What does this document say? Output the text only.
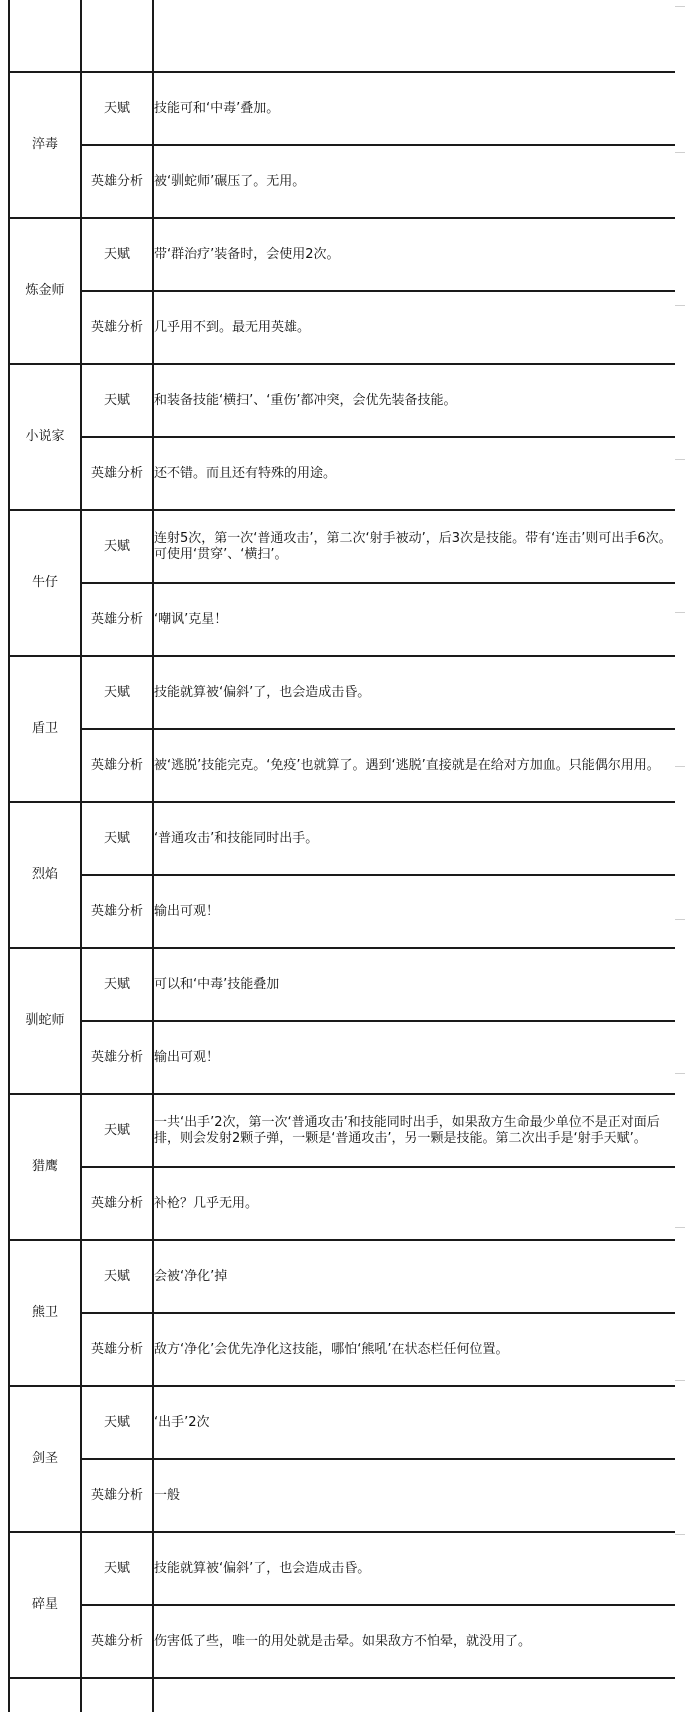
淬毒	天赋	技能可和‘中毒’叠加。
	英雄分析	被‘驯蛇师’碾压了。无用。
炼金师	天赋	带‘群治疗’装备时，会使用2次。
	英雄分析	几乎用不到。最无用英雄。
小说家	天赋	和装备技能‘横扫’、‘重伤’都冲突，会优先装备技能。
	英雄分析	还不错。而且还有特殊的用途。
牛仔	天赋	连射5次，第一次‘普通攻击’，第二次‘射手被动’，后3次是技能。带有‘连击’则可出手6次。可使用‘贯穿’、‘横扫’。
	英雄分析	‘嘲讽’克星！
盾卫	天赋	技能就算被‘偏斜’了，也会造成击昏。
	英雄分析	被‘逃脱’技能完克。‘免疫’也就算了。遇到‘逃脱’直接就是在给对方加血。只能偶尔用用。
烈焰	天赋	‘普通攻击’和技能同时出手。
	英雄分析	输出可观！
驯蛇师	天赋	可以和‘中毒’技能叠加
	英雄分析	输出可观！
猎鹰	天赋	一共‘出手’2次，第一次‘普通攻击’和技能同时出手，如果敌方生命最少单位不是正对面后排，则会发射2颗子弹，一颗是‘普通攻击’，另一颗是技能。第二次出手是‘射手天赋’。
	英雄分析	补枪？几乎无用。
熊卫	天赋	会被‘净化’掉
	英雄分析	敌方‘净化’会优先净化这技能，哪怕‘熊吼’在状态栏任何位置。
剑圣	天赋	‘出手’2次
	英雄分析	一般
碎星	天赋	技能就算被‘偏斜’了，也会造成击昏。
	英雄分析	伤害低了些，唯一的用处就是击晕。如果敌方不怕晕，就没用了。
